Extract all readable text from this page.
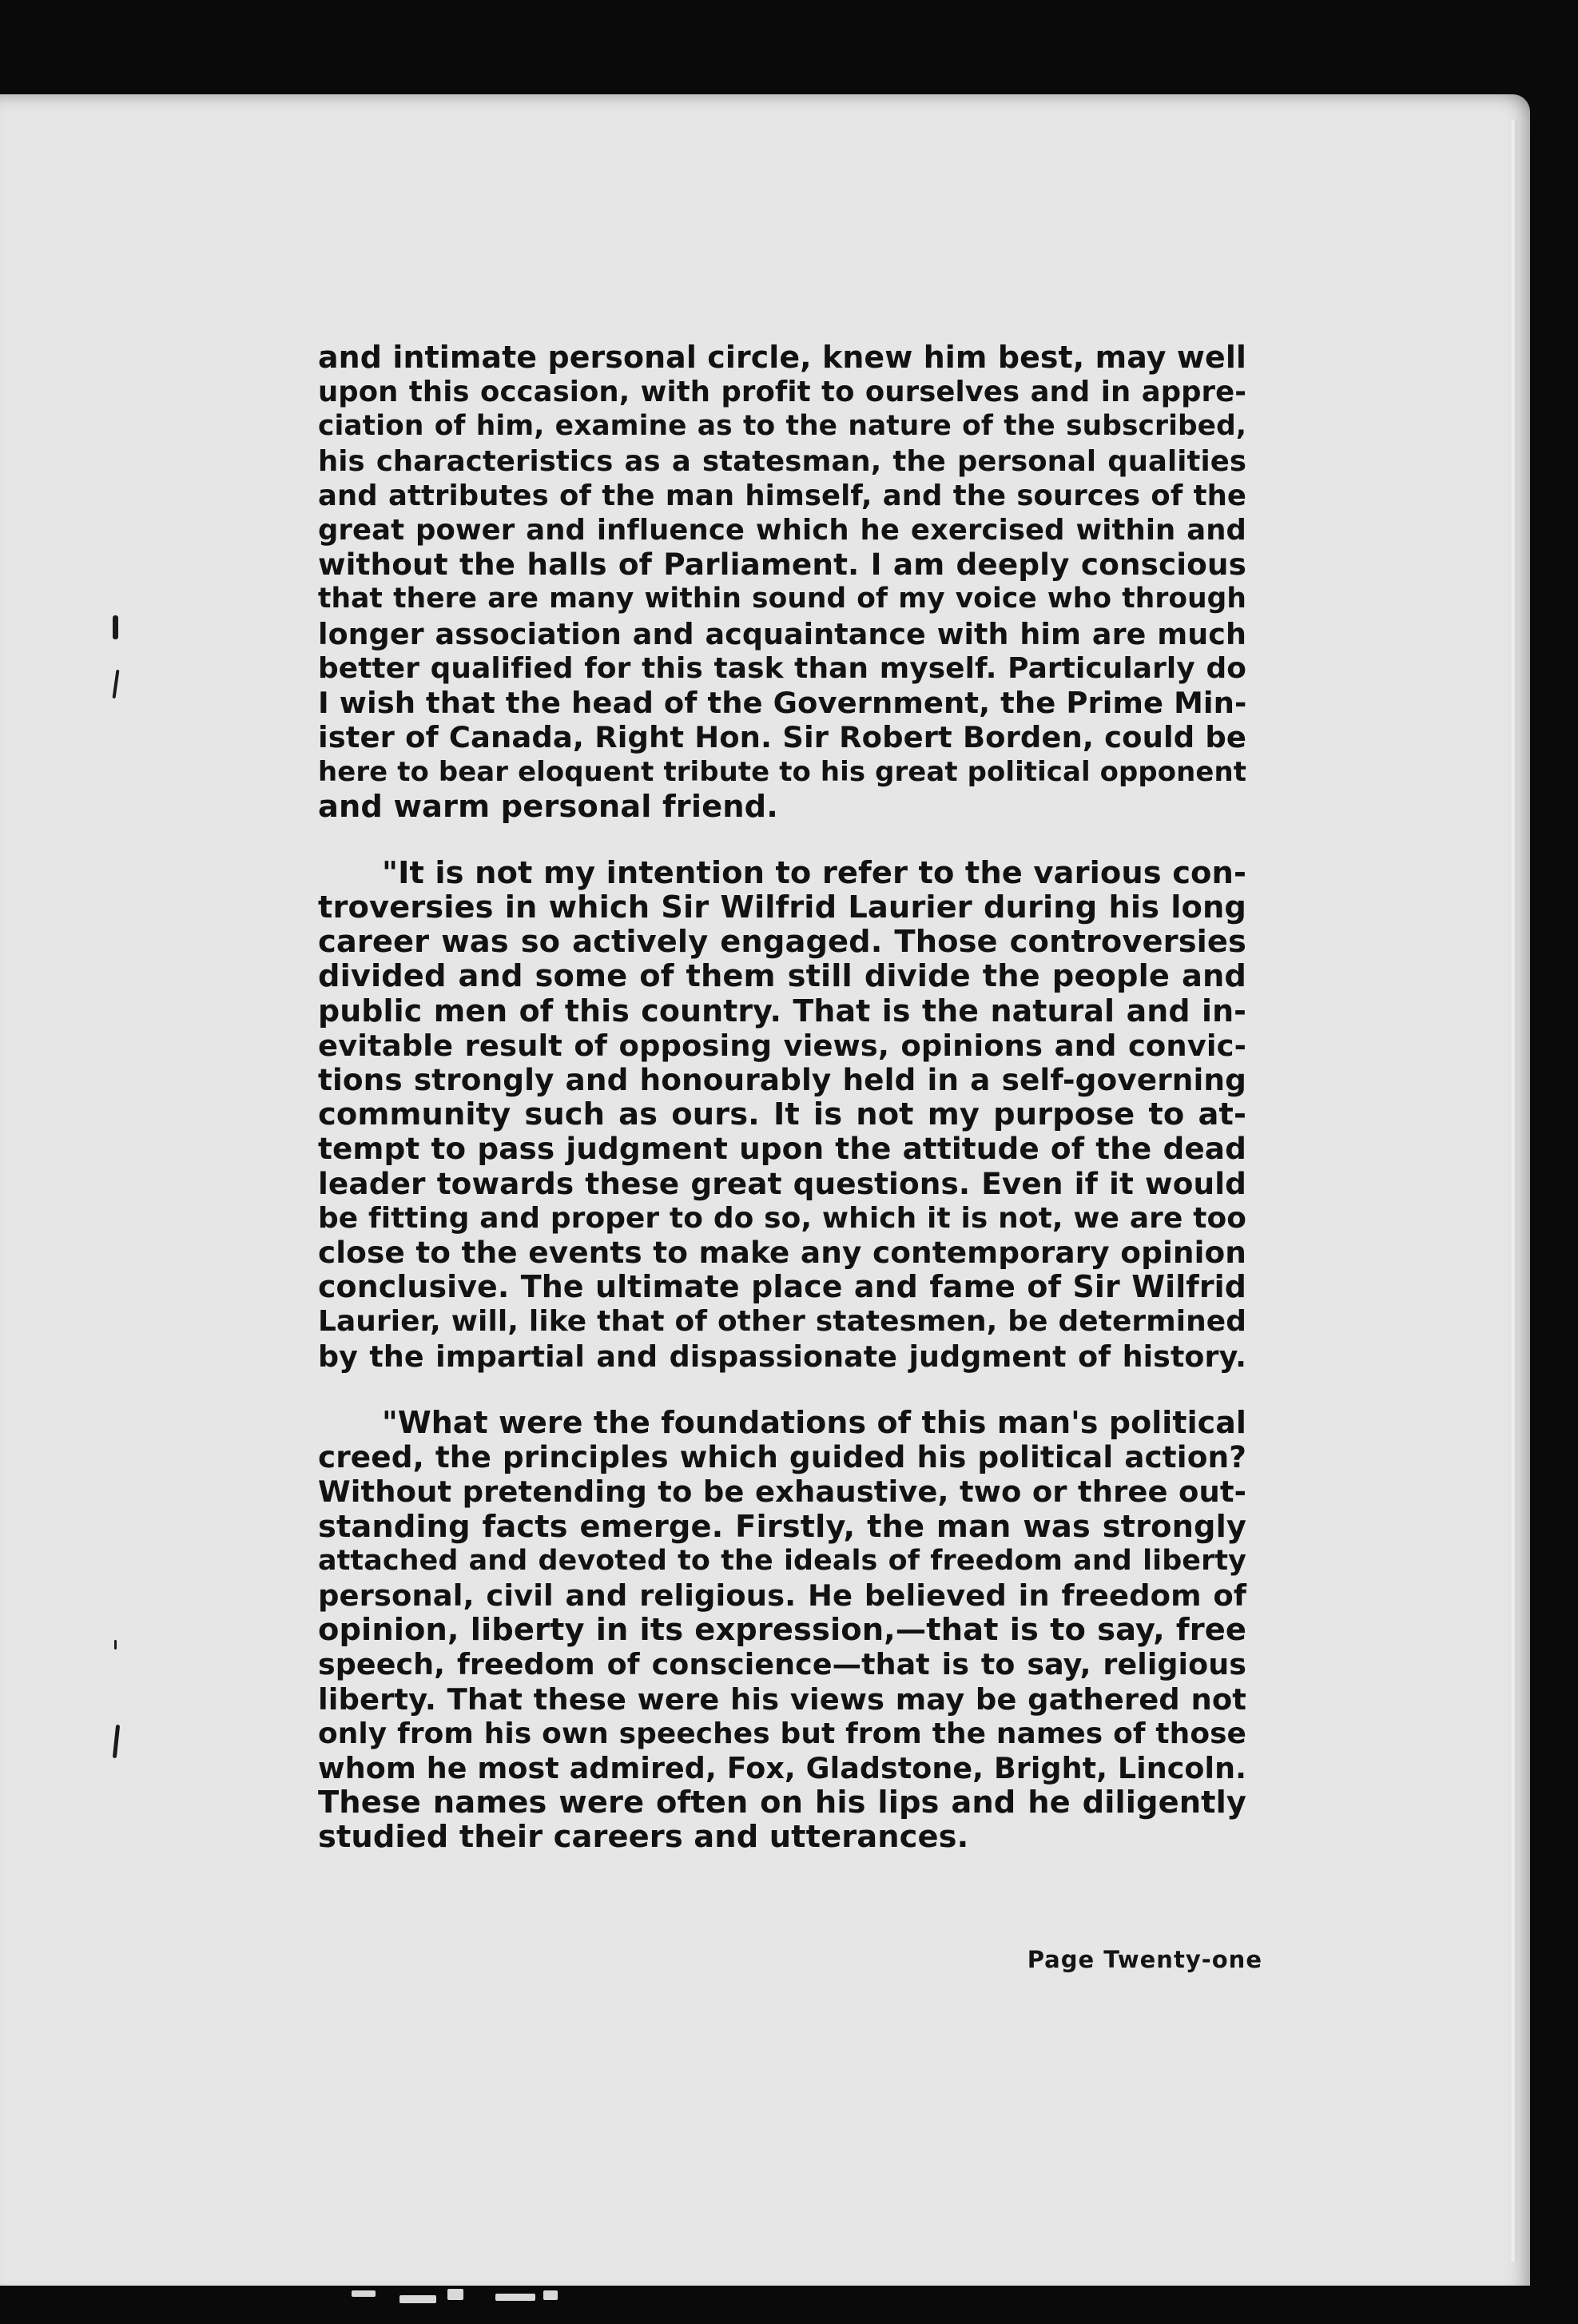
and intimate personal circle, knew him best, may well
upon this occasion, with profit to ourselves and in appre-
ciation of him, examine as to the nature of the subscribed,
his characteristics as a statesman, the personal qualities
and attributes of the man himself, and the sources of the
great power and influence which he exercised within and
without the halls of Parliament. I am deeply conscious
that there are many within sound of my voice who through
longer association and acquaintance with him are much
better qualified for this task than myself. Particularly do
I wish that the head of the Government, the Prime Min-
ister of Canada, Right Hon. Sir Robert Borden, could be
here to bear eloquent tribute to his great political opponent
and warm personal friend.
"It is not my intention to refer to the various con-
troversies in which Sir Wilfrid Laurier during his long
career was so actively engaged. Those controversies
divided and some of them still divide the people and
public men of this country. That is the natural and in-
evitable result of opposing views, opinions and convic-
tions strongly and honourably held in a self-governing
community such as ours. It is not my purpose to at-
tempt to pass judgment upon the attitude of the dead
leader towards these great questions. Even if it would
be fitting and proper to do so, which it is not, we are too
close to the events to make any contemporary opinion
conclusive. The ultimate place and fame of Sir Wilfrid
Laurier, will, like that of other statesmen, be determined
by the impartial and dispassionate judgment of history.
"What were the foundations of this man's political
creed, the principles which guided his political action?
Without pretending to be exhaustive, two or three out-
standing facts emerge. Firstly, the man was strongly
attached and devoted to the ideals of freedom and liberty
personal, civil and religious. He believed in freedom of
opinion, liberty in its expression,—that is to say, free
speech, freedom of conscience—that is to say, religious
liberty. That these were his views may be gathered not
only from his own speeches but from the names of those
whom he most admired, Fox, Gladstone, Bright, Lincoln.
These names were often on his lips and he diligently
studied their careers and utterances.
Page Twenty-one
